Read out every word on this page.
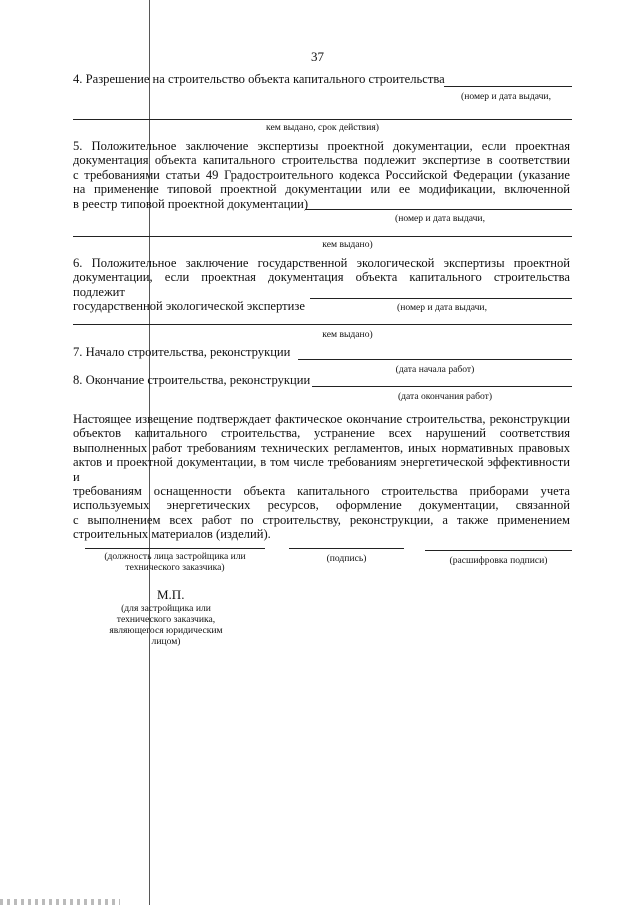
37
4. Разрешение на строительство объекта капитального строительства
(номер и дата выдачи,
кем выдано, срок действия)
5. Положительное заключение экспертизы проектной документации, если проектная
документация объекта капитального строительства подлежит экспертизе в соответствии
с требованиями статьи 49 Градостроительного кодекса Российской Федерации (указание
на применение типовой проектной документации или ее модификации, включенной
в реестр типовой проектной документации)
(номер и дата выдачи,
кем выдано)
6. Положительное заключение государственной экологической экспертизы проектной
документации, если проектная документация объекта капитального строительства подлежит
государственной экологической экспертизе	(номер и дата выдачи,
кем выдано)
7. Начало строительства, реконструкции
(дата начала работ)
8. Окончание строительства, реконструкции
(дата окончания работ)
Настоящее извещение подтверждает фактическое окончание строительства, реконструкции
объектов капитального строительства, устранение всех нарушений соответствия
выполненных работ требованиям технических регламентов, иных нормативных правовых
актов и проектной документации, в том числе требованиям энергетической эффективности и
требованиям оснащенности объекта капитального строительства приборами учета
используемых энергетических ресурсов, оформление документации, связанной
с выполнением всех работ по строительству, реконструкции, а также применением
строительных материалов (изделий).
(должность лица застройщика или
технического заказчика)
(подпись)	(расшифровка подписи)
М.П.
(для застройщика или
технического заказчика,
являющегося юридическим
лицом)
